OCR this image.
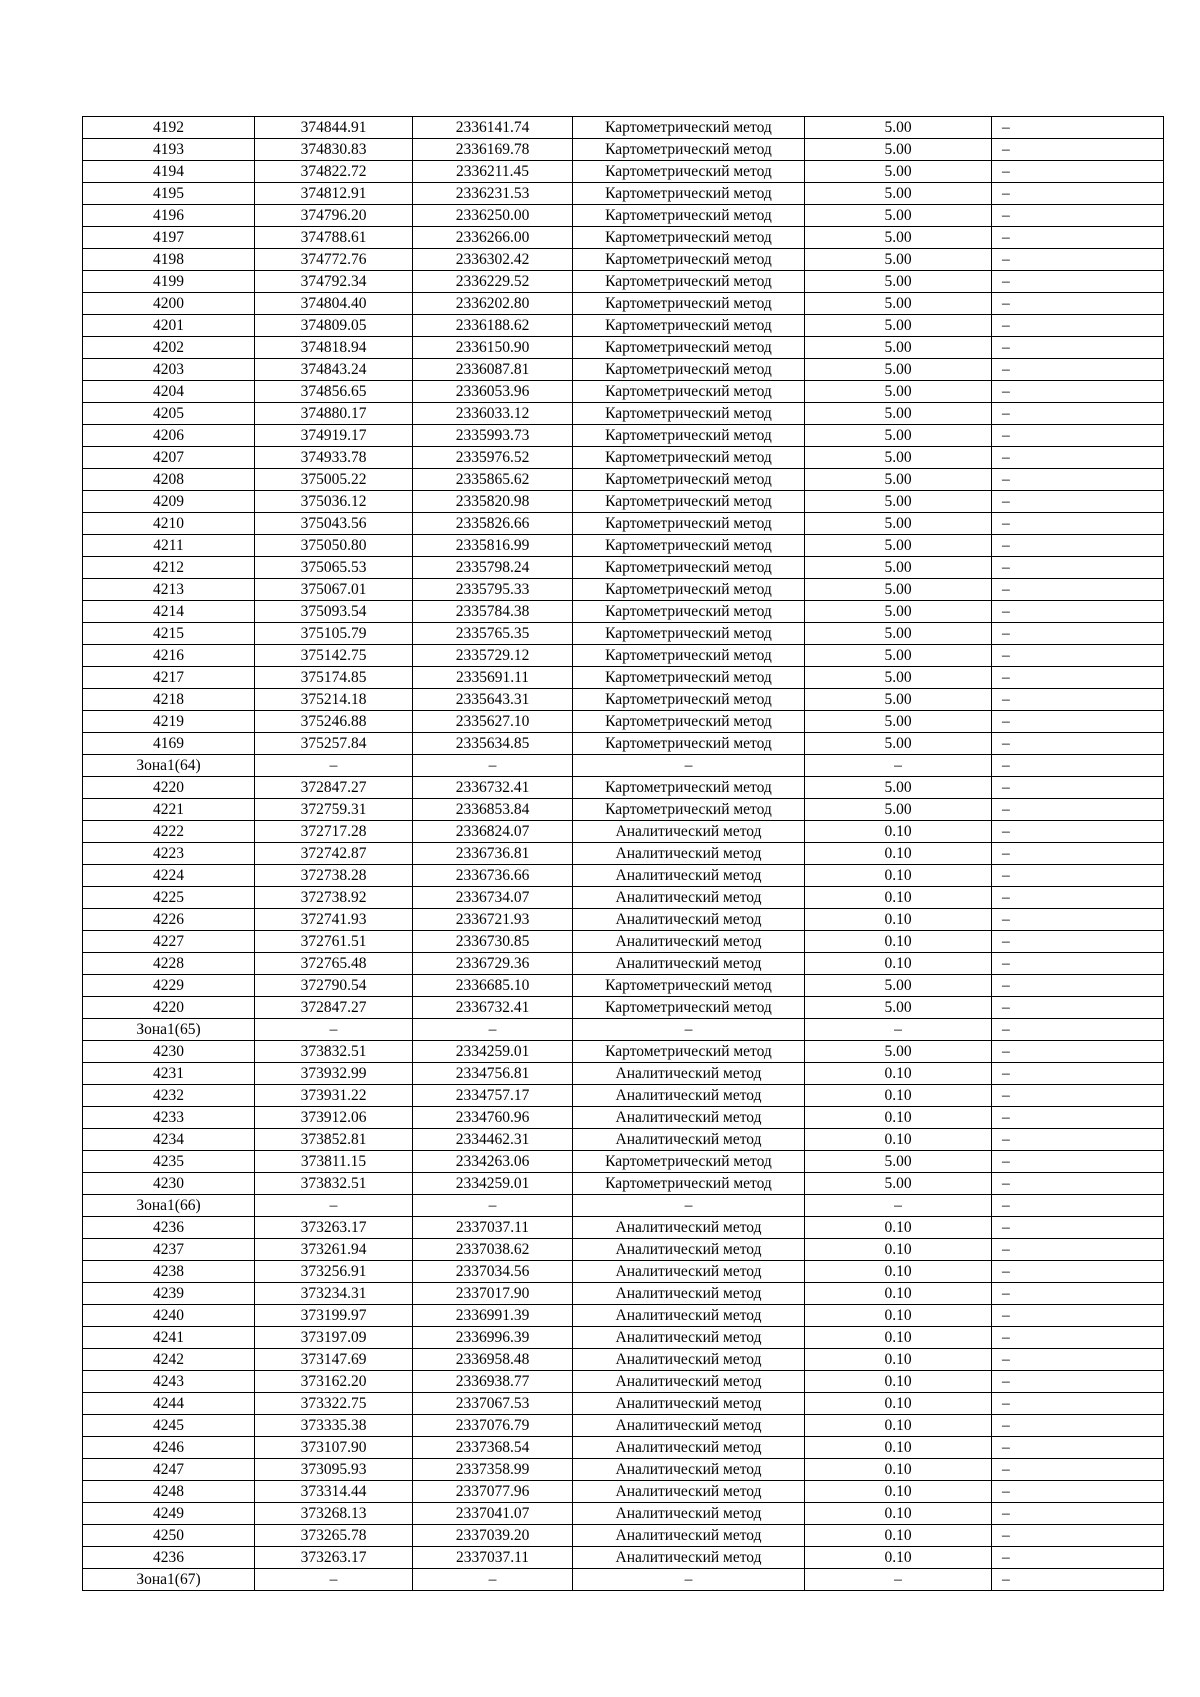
4192	374844.91	2336141.74	Картометрический метод	5.00	–
4193	374830.83	2336169.78	Картометрический метод	5.00	–
4194	374822.72	2336211.45	Картометрический метод	5.00	–
4195	374812.91	2336231.53	Картометрический метод	5.00	–
4196	374796.20	2336250.00	Картометрический метод	5.00	–
4197	374788.61	2336266.00	Картометрический метод	5.00	–
4198	374772.76	2336302.42	Картометрический метод	5.00	–
4199	374792.34	2336229.52	Картометрический метод	5.00	–
4200	374804.40	2336202.80	Картометрический метод	5.00	–
4201	374809.05	2336188.62	Картометрический метод	5.00	–
4202	374818.94	2336150.90	Картометрический метод	5.00	–
4203	374843.24	2336087.81	Картометрический метод	5.00	–
4204	374856.65	2336053.96	Картометрический метод	5.00	–
4205	374880.17	2336033.12	Картометрический метод	5.00	–
4206	374919.17	2335993.73	Картометрический метод	5.00	–
4207	374933.78	2335976.52	Картометрический метод	5.00	–
4208	375005.22	2335865.62	Картометрический метод	5.00	–
4209	375036.12	2335820.98	Картометрический метод	5.00	–
4210	375043.56	2335826.66	Картометрический метод	5.00	–
4211	375050.80	2335816.99	Картометрический метод	5.00	–
4212	375065.53	2335798.24	Картометрический метод	5.00	–
4213	375067.01	2335795.33	Картометрический метод	5.00	–
4214	375093.54	2335784.38	Картометрический метод	5.00	–
4215	375105.79	2335765.35	Картометрический метод	5.00	–
4216	375142.75	2335729.12	Картометрический метод	5.00	–
4217	375174.85	2335691.11	Картометрический метод	5.00	–
4218	375214.18	2335643.31	Картометрический метод	5.00	–
4219	375246.88	2335627.10	Картометрический метод	5.00	–
4169	375257.84	2335634.85	Картометрический метод	5.00	–
Зона1(64)	–	–	–	–	–
4220	372847.27	2336732.41	Картометрический метод	5.00	–
4221	372759.31	2336853.84	Картометрический метод	5.00	–
4222	372717.28	2336824.07	Аналитический метод	0.10	–
4223	372742.87	2336736.81	Аналитический метод	0.10	–
4224	372738.28	2336736.66	Аналитический метод	0.10	–
4225	372738.92	2336734.07	Аналитический метод	0.10	–
4226	372741.93	2336721.93	Аналитический метод	0.10	–
4227	372761.51	2336730.85	Аналитический метод	0.10	–
4228	372765.48	2336729.36	Аналитический метод	0.10	–
4229	372790.54	2336685.10	Картометрический метод	5.00	–
4220	372847.27	2336732.41	Картометрический метод	5.00	–
Зона1(65)	–	–	–	–	–
4230	373832.51	2334259.01	Картометрический метод	5.00	–
4231	373932.99	2334756.81	Аналитический метод	0.10	–
4232	373931.22	2334757.17	Аналитический метод	0.10	–
4233	373912.06	2334760.96	Аналитический метод	0.10	–
4234	373852.81	2334462.31	Аналитический метод	0.10	–
4235	373811.15	2334263.06	Картометрический метод	5.00	–
4230	373832.51	2334259.01	Картометрический метод	5.00	–
Зона1(66)	–	–	–	–	–
4236	373263.17	2337037.11	Аналитический метод	0.10	–
4237	373261.94	2337038.62	Аналитический метод	0.10	–
4238	373256.91	2337034.56	Аналитический метод	0.10	–
4239	373234.31	2337017.90	Аналитический метод	0.10	–
4240	373199.97	2336991.39	Аналитический метод	0.10	–
4241	373197.09	2336996.39	Аналитический метод	0.10	–
4242	373147.69	2336958.48	Аналитический метод	0.10	–
4243	373162.20	2336938.77	Аналитический метод	0.10	–
4244	373322.75	2337067.53	Аналитический метод	0.10	–
4245	373335.38	2337076.79	Аналитический метод	0.10	–
4246	373107.90	2337368.54	Аналитический метод	0.10	–
4247	373095.93	2337358.99	Аналитический метод	0.10	–
4248	373314.44	2337077.96	Аналитический метод	0.10	–
4249	373268.13	2337041.07	Аналитический метод	0.10	–
4250	373265.78	2337039.20	Аналитический метод	0.10	–
4236	373263.17	2337037.11	Аналитический метод	0.10	–
Зона1(67)	–	–	–	–	–
